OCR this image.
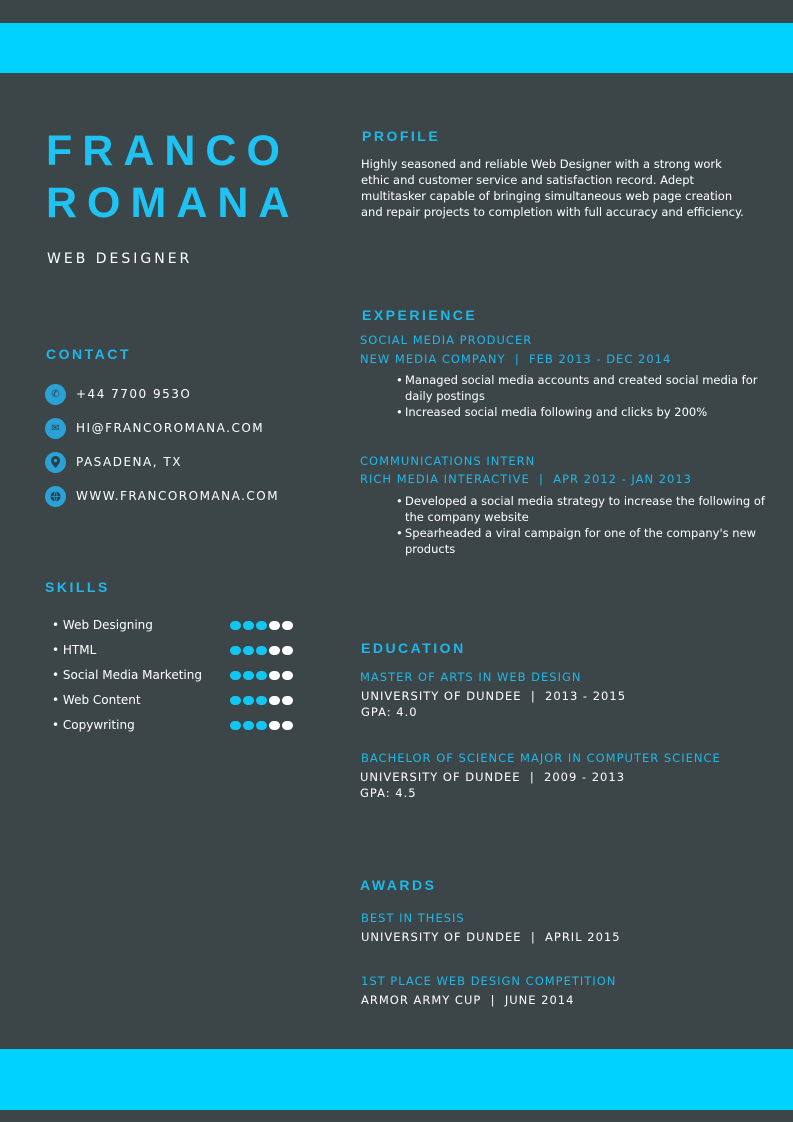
FRANCO
ROMANA
WEB DESIGNER
CONTACT
✆	+44 7700 953O
✉	HI@FRANCOROMANA.COM
PASADENA, TX
WWW.FRANCOROMANA.COM
SKILLS
• Web Designing
• HTML
• Social Media Marketing
• Web Content
• Copywriting
PROFILE

Highly seasoned and reliable Web Designer with a strong work ethic and customer service and satisfaction record. Adept multitasker capable of bringing simultaneous web page creation and repair projects to completion with full accuracy and efficiency.

EXPERIENCE
SOCIAL MEDIA PRODUCER
NEW MEDIA COMPANY  |  FEB 2013 - DEC 2014
• Managed social media accounts and created social media for daily postings
• Increased social media following and clicks by 200%
COMMUNICATIONS INTERN
RICH MEDIA INTERACTIVE  |  APR 2012 - JAN 2013
• Developed a social media strategy to increase the following of the company website
• Spearheaded a viral campaign for one of the company's new products
EDUCATION
MASTER OF ARTS IN WEB DESIGN
UNIVERSITY OF DUNDEE  |  2013 - 2015
GPA: 4.0
BACHELOR OF SCIENCE MAJOR IN COMPUTER SCIENCE
UNIVERSITY OF DUNDEE  |  2009 - 2013
GPA: 4.5
AWARDS
BEST IN THESIS
UNIVERSITY OF DUNDEE  |  APRIL 2015
1ST PLACE WEB DESIGN COMPETITION
ARMOR ARMY CUP  |  JUNE 2014
